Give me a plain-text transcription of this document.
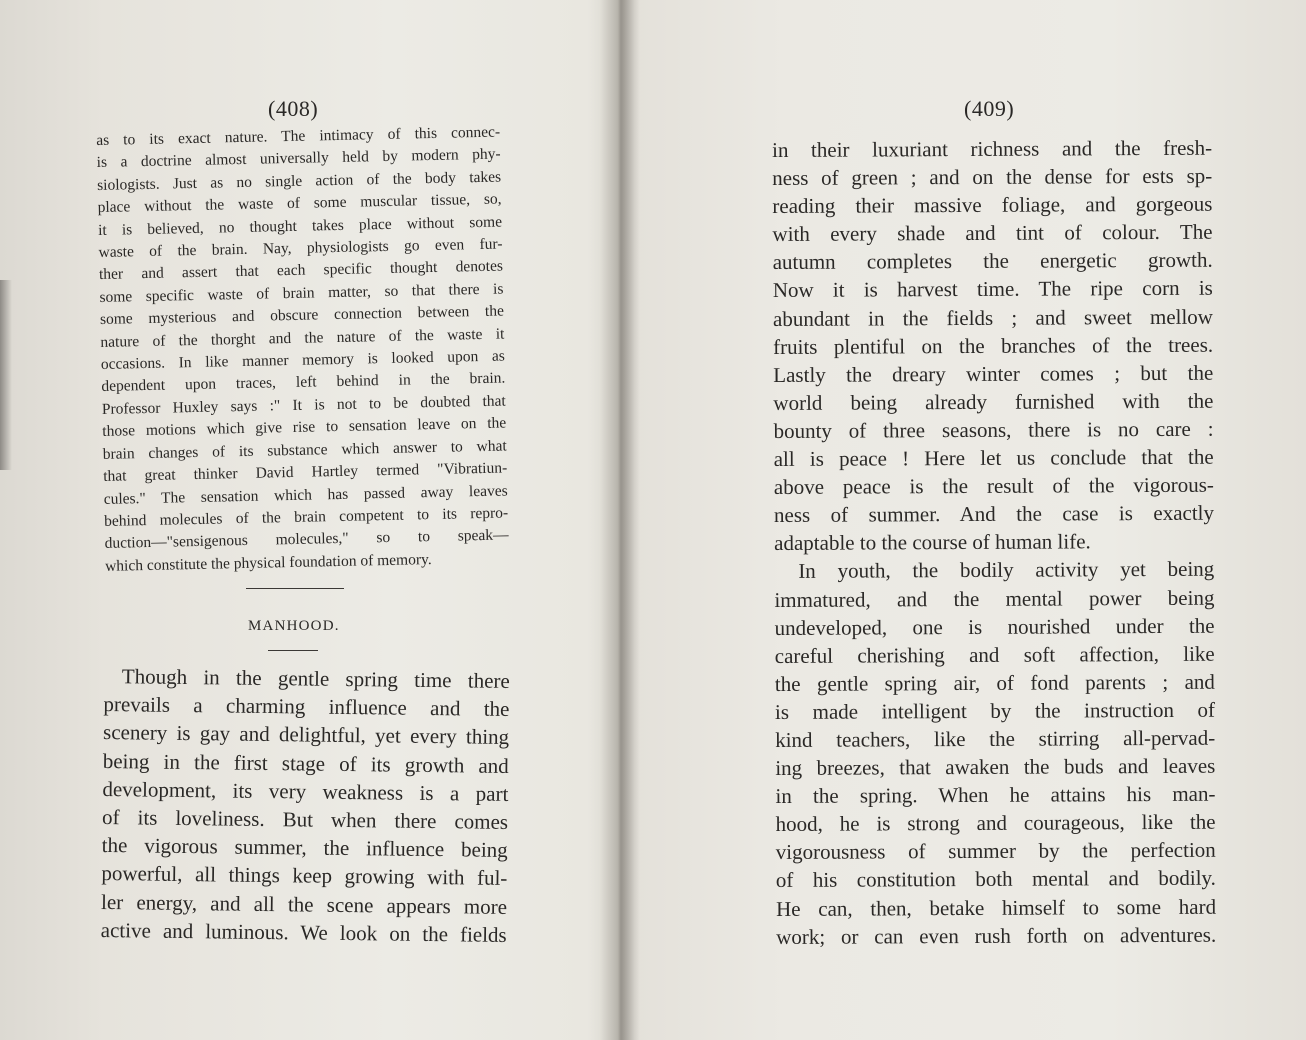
(408)
as to its exact nature. The intimacy of this connec-
is a doctrine almost universally held by modern phy-
siologists. Just as no single action of the body takes
place without the waste of some muscular tissue, so,
it is believed, no thought takes place without some
waste of the brain. Nay, physiologists go even fur-
ther and assert that each specific thought denotes
some specific waste of brain matter, so that there is
some mysterious and obscure connection between the
nature of the thorght and the nature of the waste it
occasions. In like manner memory is looked upon as
dependent upon traces, left behind in the brain.
Professor Huxley says :" It is not to be doubted that
those motions which give rise to sensation leave on the
brain changes of its substance which answer to what
that great thinker David Hartley termed "Vibratiun-
cules." The sensation which has passed away leaves
behind molecules of the brain competent to its repro-
duction—"sensigenous molecules," so to speak—
which constitute the physical foundation of memory.
MANHOOD.
Though in the gentle spring time there
prevails a charming influence and the
scenery is gay and delightful, yet every thing
being in the first stage of its growth and
development, its very weakness is a part
of its loveliness. But when there comes
the vigorous summer, the influence being
powerful, all things keep growing with ful-
ler energy, and all the scene appears more
active and luminous. We look on the fields
(409)
in their luxuriant richness and the fresh-
ness of green ; and on the dense for ests sp-
reading their massive foliage, and gorgeous
with every shade and tint of colour. The
autumn completes the energetic growth.
Now it is harvest time. The ripe corn is
abundant in the fields ; and sweet mellow
fruits plentiful on the branches of the trees.
Lastly the dreary winter comes ; but the
world being already furnished with the
bounty of three seasons, there is no care :
all is peace ! Here let us conclude that the
above peace is the result of the vigorous-
ness of summer. And the case is exactly
adaptable to the course of human life.
In youth, the bodily activity yet being
immatured, and the mental power being
undeveloped, one is nourished under the
careful cherishing and soft affection, like
the gentle spring air, of fond parents ; and
is made intelligent by the instruction of
kind teachers, like the stirring all-pervad-
ing breezes, that awaken the buds and leaves
in the spring. When he attains his man-
hood, he is strong and courageous, like the
vigorousness of summer by the perfection
of his constitution both mental and bodily.
He can, then, betake himself to some hard
work; or can even rush forth on adventures.
